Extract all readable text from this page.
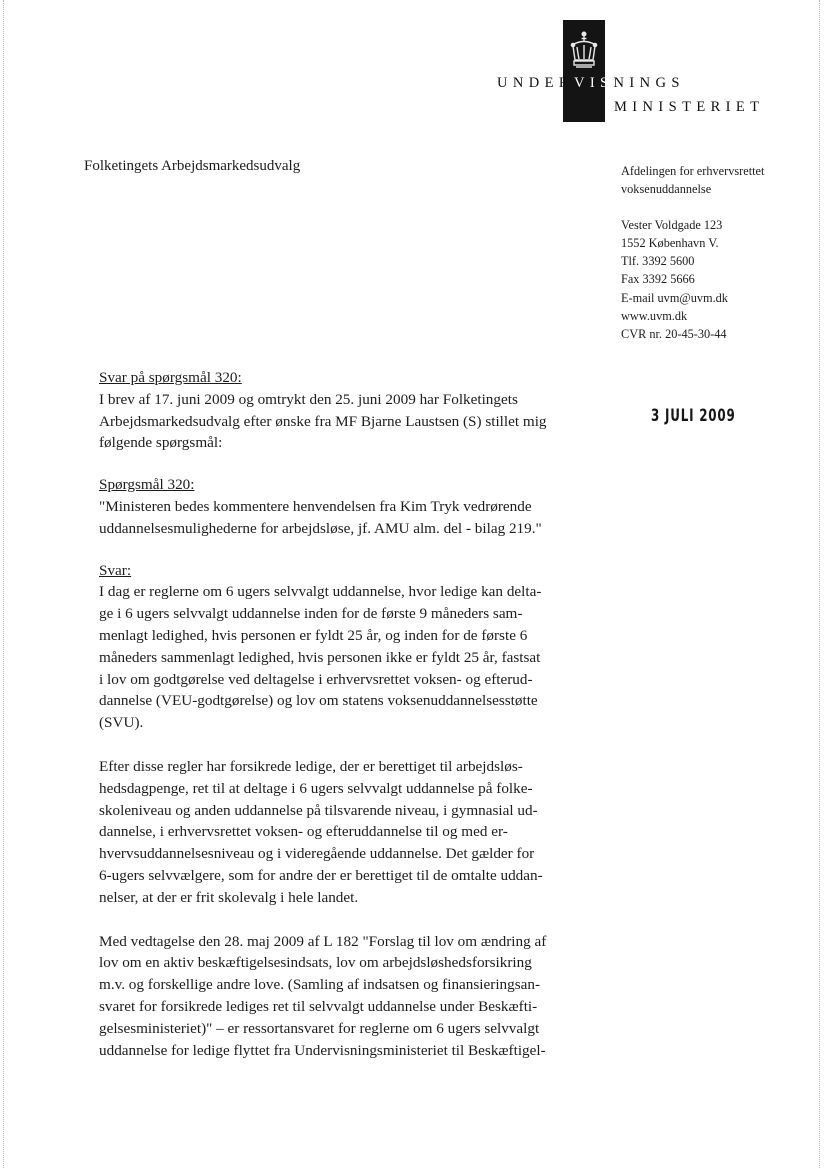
UNDERVISNINGS
MINISTERIET
Folketingets Arbejdsmarkedsudvalg	Afdelingen for erhvervsrettet
voksenuddannelse
Vester Voldgade 123
1552 København V.
Tlf. 3392 5600
Fax 3392 5666
E-mail uvm@uvm.dk
www.uvm.dk
CVR nr. 20-45-30-44
3 JULI 2009

Svar på spørgsmål 320:
I brev af 17. juni 2009 og omtrykt den 25. juni 2009 har Folketingets
Arbejdsmarkedsudvalg efter ønske fra MF Bjarne Laustsen (S) stillet mig
følgende spørgsmål:

Spørgsmål 320:
"Ministeren bedes kommentere henvendelsen fra Kim Tryk vedrørende
uddannelsesmulighederne for arbejdsløse, jf. AMU alm. del - bilag 219."

Svar:
I dag er reglerne om 6 ugers selvvalgt uddannelse, hvor ledige kan delta-
ge i 6 ugers selvvalgt uddannelse inden for de første 9 måneders sam-
menlagt ledighed, hvis personen er fyldt 25 år, og inden for de første 6
måneders sammenlagt ledighed, hvis personen ikke er fyldt 25 år, fastsat
i lov om godtgørelse ved deltagelse i erhvervsrettet voksen- og efterud-
dannelse (VEU-godtgørelse) og lov om statens voksenuddannelsesstøtte
(SVU).

Efter disse regler har forsikrede ledige, der er berettiget til arbejdsløs-
hedsdagpenge, ret til at deltage i 6 ugers selvvalgt uddannelse på folke-
skoleniveau og anden uddannelse på tilsvarende niveau, i gymnasial ud-
dannelse, i erhvervsrettet voksen- og efteruddannelse til og med er-
hvervsuddannelsesniveau og i videregående uddannelse. Det gælder for
6-ugers selvvælgere, som for andre der er berettiget til de omtalte uddan-
nelser, at der er frit skolevalg i hele landet.

Med vedtagelse den 28. maj 2009 af L 182 "Forslag til lov om ændring af
lov om en aktiv beskæftigelsesindsats, lov om arbejdsløshedsforsikring
m.v. og forskellige andre love. (Samling af indsatsen og finansieringsan-
svaret for forsikrede lediges ret til selvvalgt uddannelse under Beskæfti-
gelsesministeriet)" – er ressortansvaret for reglerne om 6 ugers selvvalgt
uddannelse for ledige flyttet fra Undervisningsministeriet til Beskæftigel-
